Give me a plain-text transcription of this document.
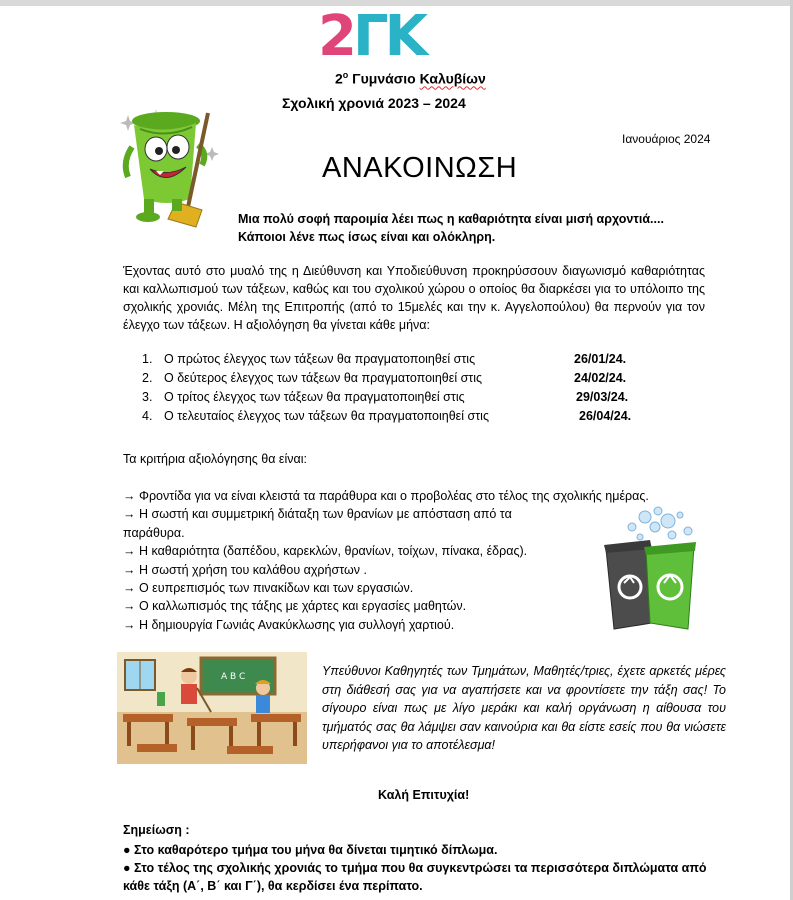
2ΓΚ
$2^o$ Γυμνάσιο Καλυβίων
Σχολική χρονιά 2023 – 2024
Ιανουάριος 2024
ΑΝΑΚΟΙΝΩΣΗ
Μια πολύ σοφή παροιμία λέει πως η καθαριότητα είναι μισή αρχοντιά....
Κάποιοι λένε πως ίσως είναι και ολόκληρη.
Έχοντας αυτό στο μυαλό της η Διεύθυνση και Υποδιεύθυνση προκηρύσσουν διαγωνισμό καθαριότητας και καλλωπισμού των τάξεων, καθώς και του σχολικού χώρου ο οποίος θα διαρκέσει για το υπόλοιπο της σχολικής χρονιάς. Μέλη της Επιτροπής (από το 15μελές και την κ. Αγγελοπούλου) θα περνούν για τον έλεγχο των τάξεων. Η αξιολόγηση θα γίνεται κάθε μήνα:
1. Ο πρώτος έλεγχος των τάξεων θα πραγματοποιηθεί στις	26/01/24.
2. Ο δεύτερος έλεγχος των τάξεων θα πραγματοποιηθεί στις	24/02/24.
3. Ο τρίτος έλεγχος των τάξεων θα πραγματοποιηθεί στις	29/03/24.
4. Ο τελευταίος έλεγχος των τάξεων θα πραγματοποιηθεί στις	26/04/24.
Τα κριτήρια αξιολόγησης θα είναι:
→ Φροντίδα για να είναι κλειστά τα παράθυρα και ο προβολέας στο τέλος της σχολικής ημέρας.
→ Η σωστή και συμμετρική διάταξη των θρανίων με απόσταση από τα
παράθυρα.
→ Η καθαριότητα (δαπέδου, καρεκλών, θρανίων, τοίχων, πίνακα, έδρας).
→ Η σωστή χρήση του καλάθου αχρήστων .
→ Ο ευπρεπισμός των πινακίδων και των εργασιών.
→ Ο καλλωπισμός της τάξης με χάρτες και εργασίες μαθητών.
→ Η δημιουργία Γωνιάς Ανακύκλωσης για συλλογή χαρτιού.
A B C	Υπεύθυνοι Καθηγητές των Τμημάτων, Μαθητές/τριες, έχετε αρκετές μέρες στη διάθεσή σας για να αγαπήσετε και να φροντίσετε την τάξη σας! Το σίγουρο είναι πως με λίγο μεράκι και καλή οργάνωση η αίθουσα του τμήματός σας θα λάμψει σαν καινούρια και θα είστε εσείς που θα νιώσετε υπερήφανοι για το αποτέλεσμα!
Καλή Επιτυχία!
Σημείωση :
● Στο καθαρότερο τμήμα του μήνα θα δίνεται τιμητικό δίπλωμα.
● Στο τέλος της σχολικής χρονιάς το τμήμα που θα συγκεντρώσει τα περισσότερα διπλώματα από κάθε τάξη (Α΄, Β΄ και Γ΄), θα κερδίσει ένα περίπατο.
